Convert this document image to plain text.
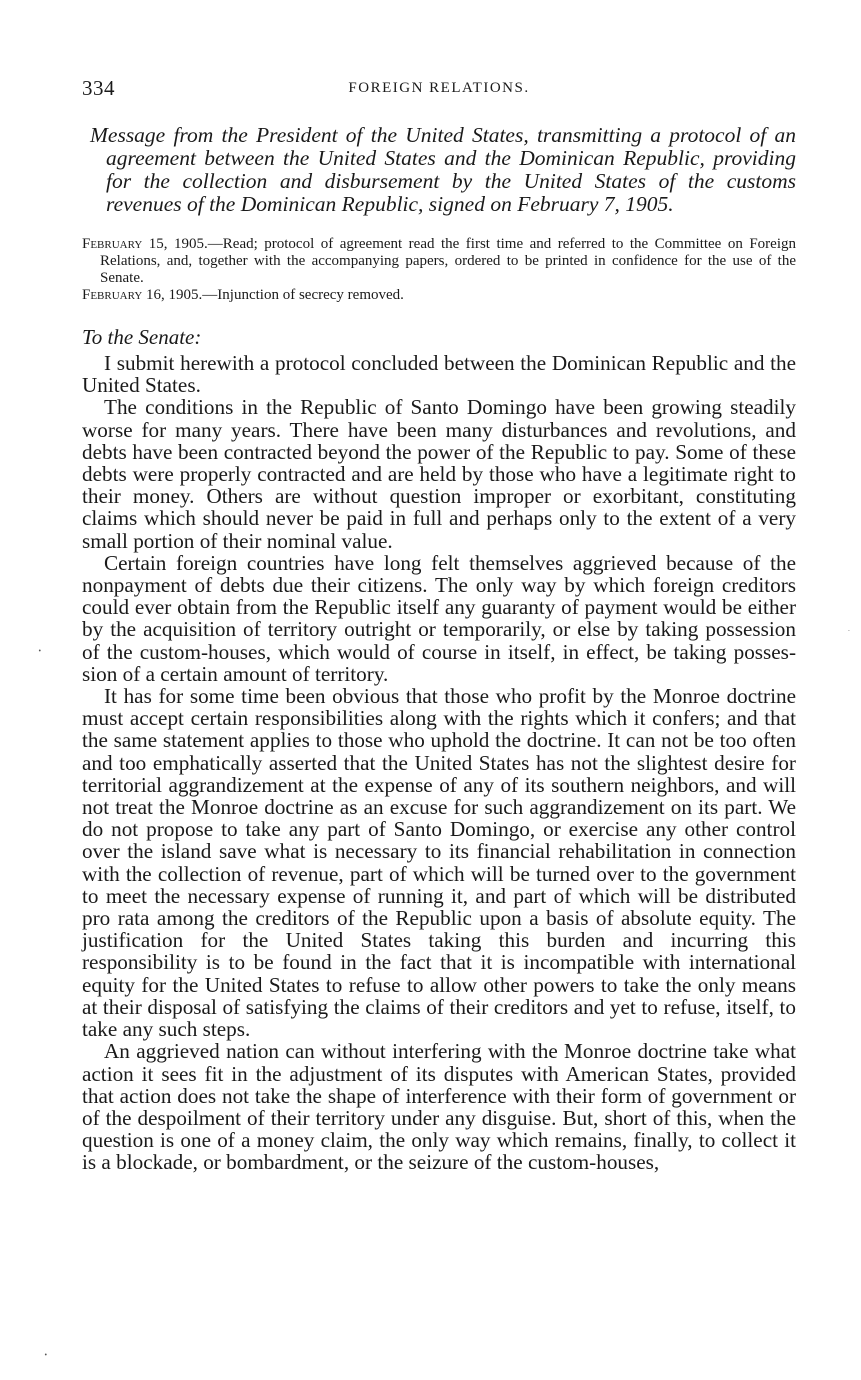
334	FOREIGN RELATIONS.
Message from the President of the United States, transmitting a protocol of an agreement between the United States and the Dominican Republic, providing for the collection and disbursement by the United States of the customs revenues of the Dominican Republic, signed on February 7, 1905.
February 15, 1905.—Read; protocol of agreement read the first time and referred to the Committee on Foreign Relations, and, together with the accompanying papers, ordered to be printed in confidence for the use of the Senate.
February 16, 1905.—Injunction of secrecy removed.
To the Senate:

I submit herewith a protocol concluded between the Dominican Republic and the United States.

The conditions in the Republic of Santo Domingo have been growing steadily worse for many years. There have been many disturbances and revolutions, and debts have been contracted beyond the power of the Republic to pay. Some of these debts were properly contracted and are held by those who have a legitimate right to their money. Others are without question improper or exorbitant, constituting claims which should never be paid in full and perhaps only to the extent of a very small portion of their nominal value.

Certain foreign countries have long felt themselves aggrieved because of the nonpayment of debts due their citizens. The only way by which foreign creditors could ever obtain from the Republic itself any guaranty of payment would be either by the acquisition of territory outright or temporarily, or else by taking possession of the custom-houses, which would of course in itself, in effect, be taking possession of a certain amount of territory.

It has for some time been obvious that those who profit by the Monroe doctrine must accept certain responsibilities along with the rights which it confers; and that the same statement applies to those who uphold the doctrine. It can not be too often and too emphatically asserted that the United States has not the slightest desire for territorial aggrandizement at the expense of any of its southern neighbors, and will not treat the Monroe doctrine as an excuse for such aggrandizement on its part. We do not propose to take any part of Santo Domingo, or exercise any other control over the island save what is necessary to its financial rehabilitation in connection with the collection of revenue, part of which will be turned over to the government to meet the necessary expense of running it, and part of which will be distributed pro rata among the creditors of the Republic upon a basis of absolute equity. The justification for the United States taking this burden and incurring this responsibility is to be found in the fact that it is incompatible with international equity for the United States to refuse to allow other powers to take the only means at their disposal of satisfying the claims of their creditors and yet to refuse, itself, to take any such steps.

An aggrieved nation can without interfering with the Monroe doctrine take what action it sees fit in the adjustment of its disputes with American States, provided that action does not take the shape of interference with their form of government or of the despoilment of their territory under any disguise. But, short of this, when the question is one of a money claim, the only way which remains, finally, to collect it is a blockade, or bombardment, or the seizure of the custom-houses,

•
·
•
